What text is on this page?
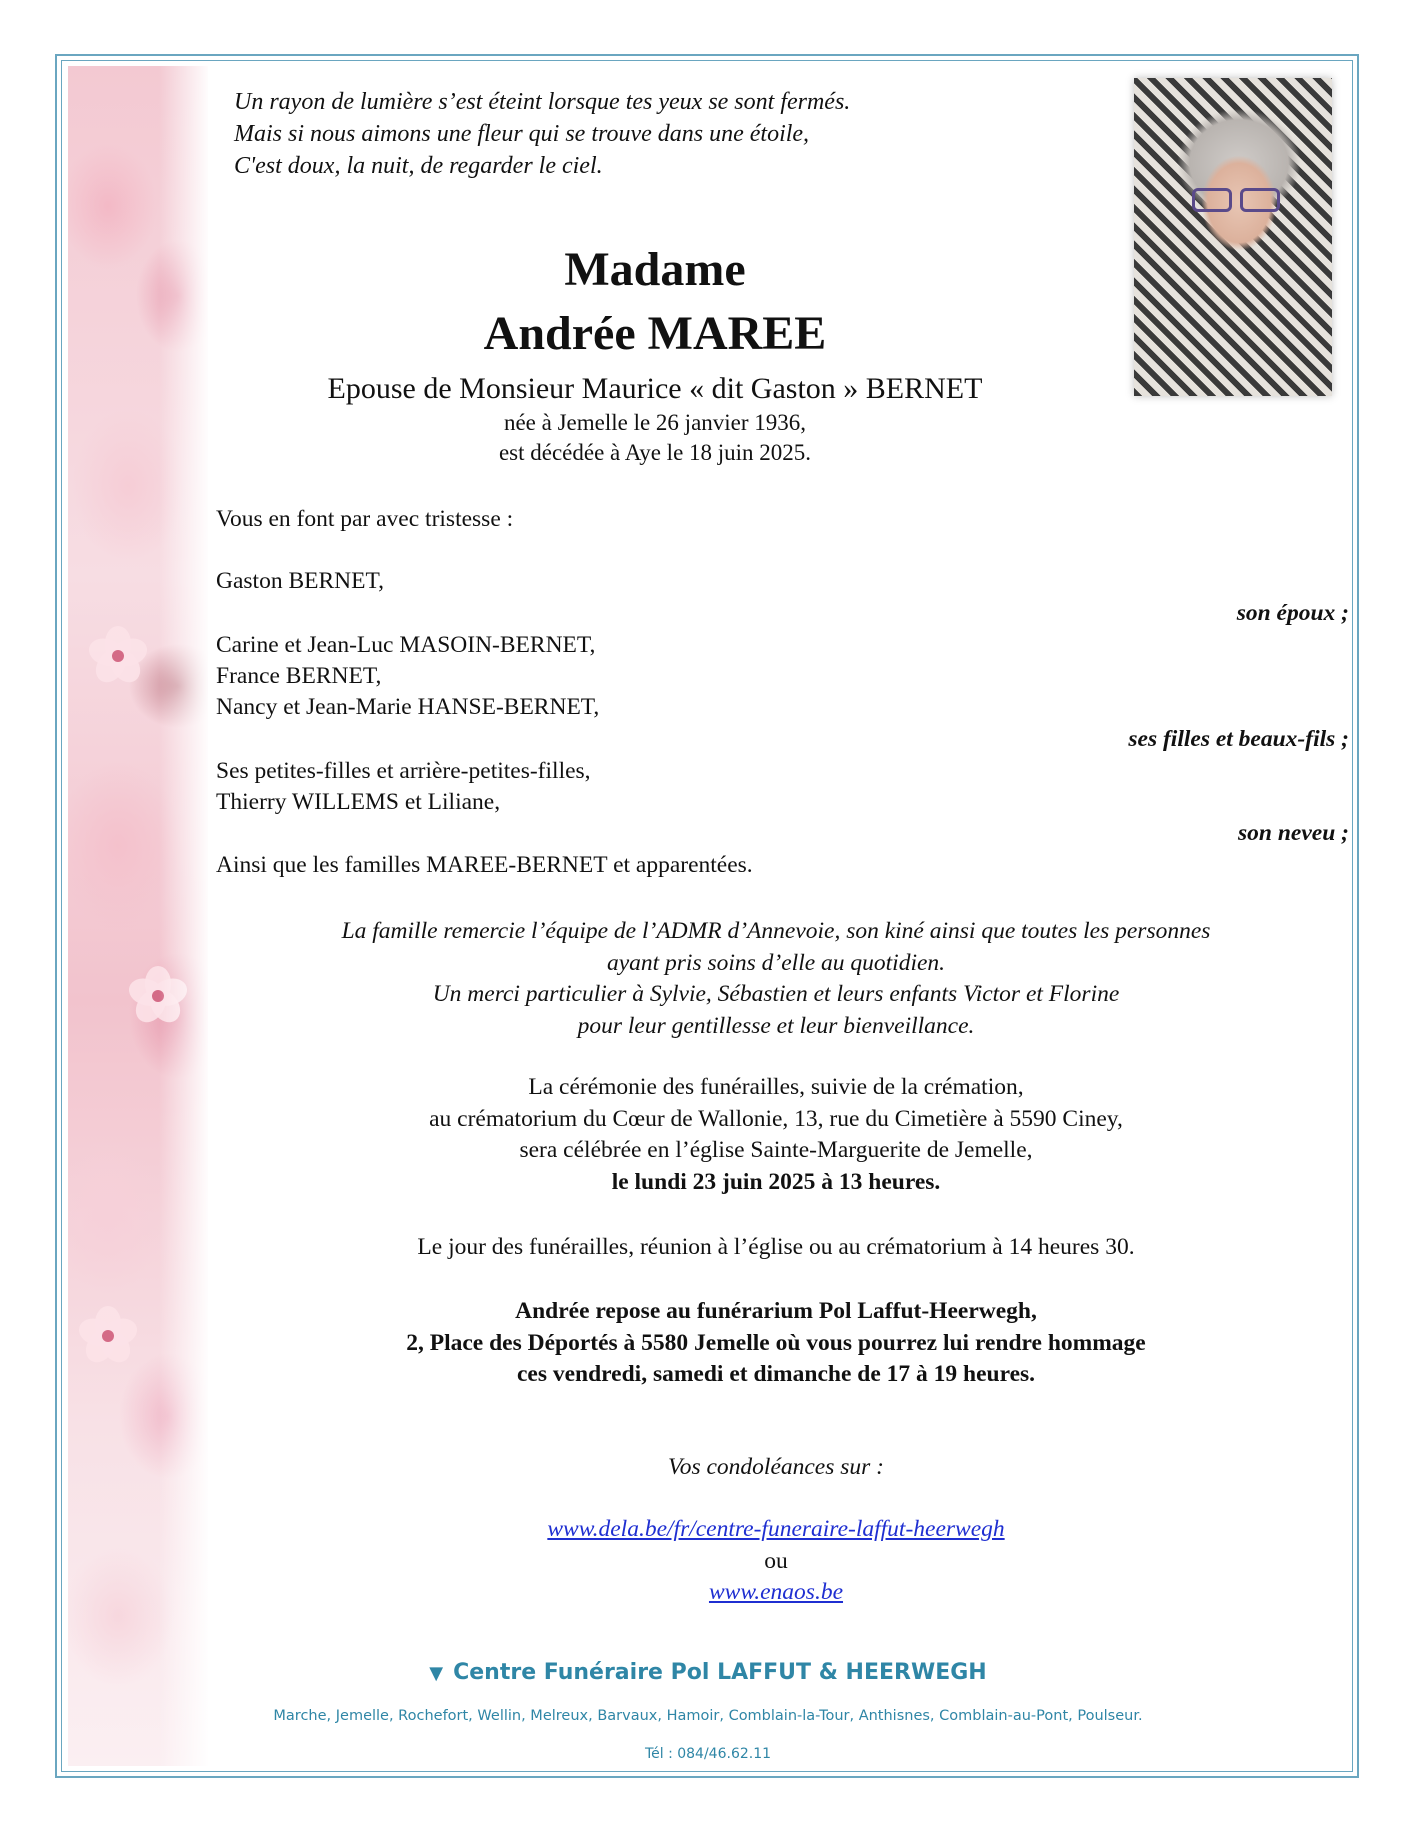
Un rayon de lumière s’est éteint lorsque tes yeux se sont fermés.
Mais si nous aimons une fleur qui se trouve dans une étoile,
C'est doux, la nuit, de regarder le ciel.
Madame
Andrée MAREE
Epouse de Monsieur Maurice « dit Gaston » BERNET
née à Jemelle le 26 janvier 1936,
est décédée à Aye le 18 juin 2025.
Vous en font par avec tristesse :
Gaston BERNET,
son époux ;
Carine et Jean-Luc MASOIN-BERNET,
France BERNET,
Nancy et Jean-Marie HANSE-BERNET,
ses filles et beaux-fils ;
Ses petites-filles et arrière-petites-filles,
Thierry WILLEMS et Liliane,
son neveu ;
Ainsi que les familles MAREE-BERNET et apparentées.
La famille remercie l’équipe de l’ADMR d’Annevoie, son kiné ainsi que toutes les personnes
ayant pris soins d’elle au quotidien.
Un merci particulier à Sylvie, Sébastien et leurs enfants Victor et Florine
pour leur gentillesse et leur bienveillance.
La cérémonie des funérailles, suivie de la crémation,
au crématorium du Cœur de Wallonie, 13, rue du Cimetière à 5590 Ciney,
sera célébrée en l’église Sainte-Marguerite de Jemelle,
le lundi 23 juin 2025 à 13 heures.
Le jour des funérailles, réunion à l’église ou au crématorium à 14 heures 30.
Andrée repose au funérarium Pol Laffut-Heerwegh,
2, Place des Déportés à 5580 Jemelle où vous pourrez lui rendre hommage
ces vendredi, samedi et dimanche de 17 à 19 heures.
Vos condoléances sur :
www.dela.be/fr/centre-funeraire-laffut-heerwegh
ou
www.enaos.be
▼ Centre Funéraire Pol LAFFUT & HEERWEGH
Marche, Jemelle, Rochefort, Wellin, Melreux, Barvaux, Hamoir, Comblain-la-Tour, Anthisnes, Comblain-au-Pont, Poulseur.
Tél : 084/46.62.11
